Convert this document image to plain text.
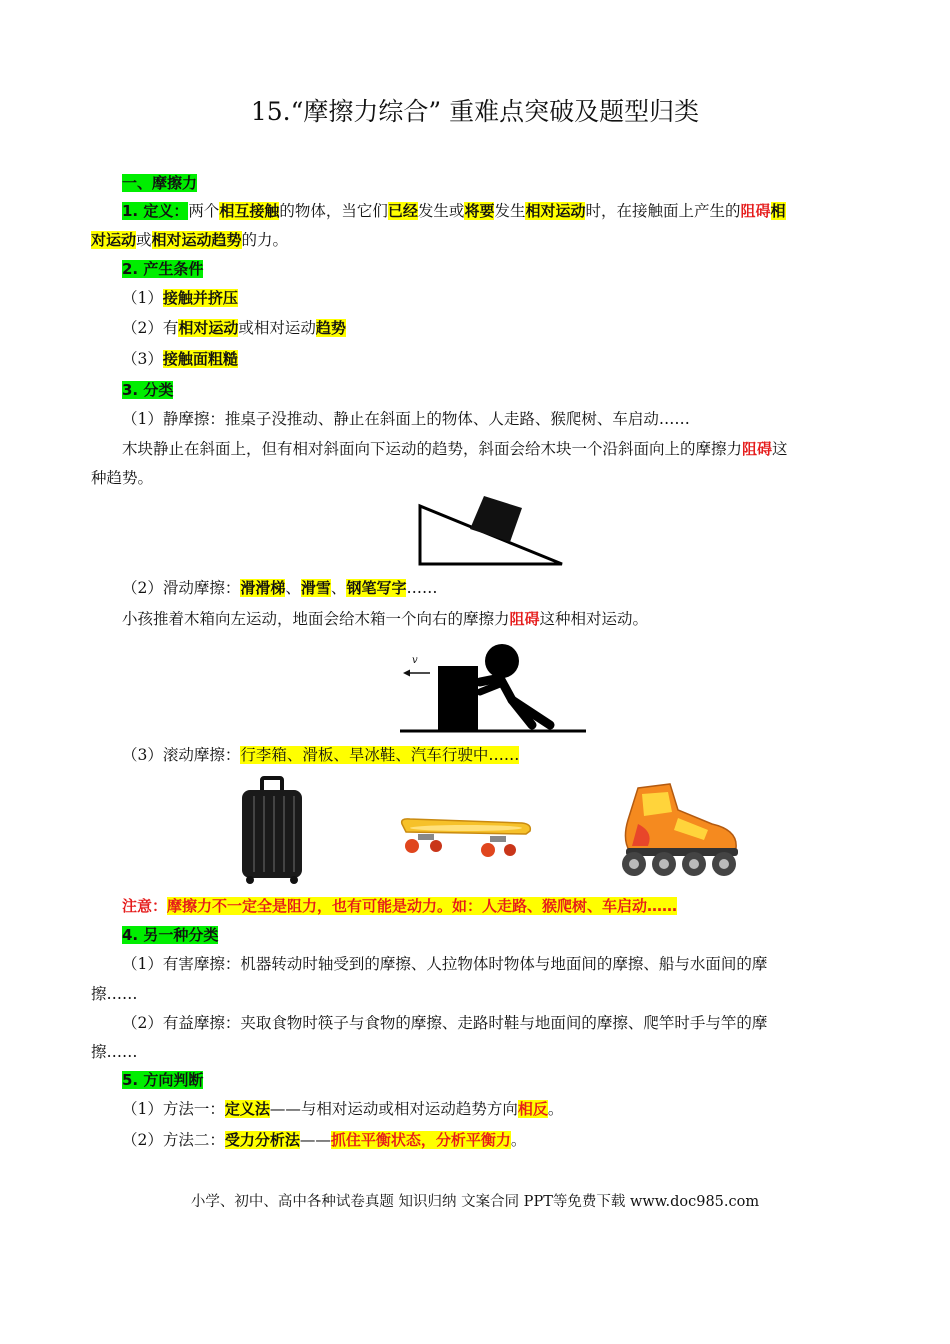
15.“摩擦力综合” 重难点突破及题型归类
一、摩擦力
1. 定义：两个相互接触的物体，当它们已经发生或将要发生相对运动时，在接触面上产生的阻碍相
对运动或相对运动趋势的力。
2. 产生条件
（1）接触并挤压
（2）有相对运动或相对运动趋势
（3）接触面粗糙
3. 分类
（1）静摩擦：推桌子没推动、静止在斜面上的物体、人走路、猴爬树、车启动……
木块静止在斜面上，但有相对斜面向下运动的趋势，斜面会给木块一个沿斜面向上的摩擦力阻碍这
种趋势。
（2）滑动摩擦：滑滑梯、滑雪、钢笔写字……
小孩推着木箱向左运动，地面会给木箱一个向右的摩擦力阻碍这种相对运动。
v
（3）滚动摩擦：行李箱、滑板、旱冰鞋、汽车行驶中……
注意：摩擦力不一定全是阻力，也有可能是动力。如：人走路、猴爬树、车启动……
4. 另一种分类
（1）有害摩擦：机器转动时轴受到的摩擦、人拉物体时物体与地面间的摩擦、船与水面间的摩
擦……
（2）有益摩擦：夹取食物时筷子与食物的摩擦、走路时鞋与地面间的摩擦、爬竿时手与竿的摩
擦……
5. 方向判断
（1）方法一：定义法——与相对运动或相对运动趋势方向相反。
（2）方法二：受力分析法——抓住平衡状态，分析平衡力。
小学、初中、高中各种试卷真题 知识归纳 文案合同 PPT等免费下载 www.doc985.com
